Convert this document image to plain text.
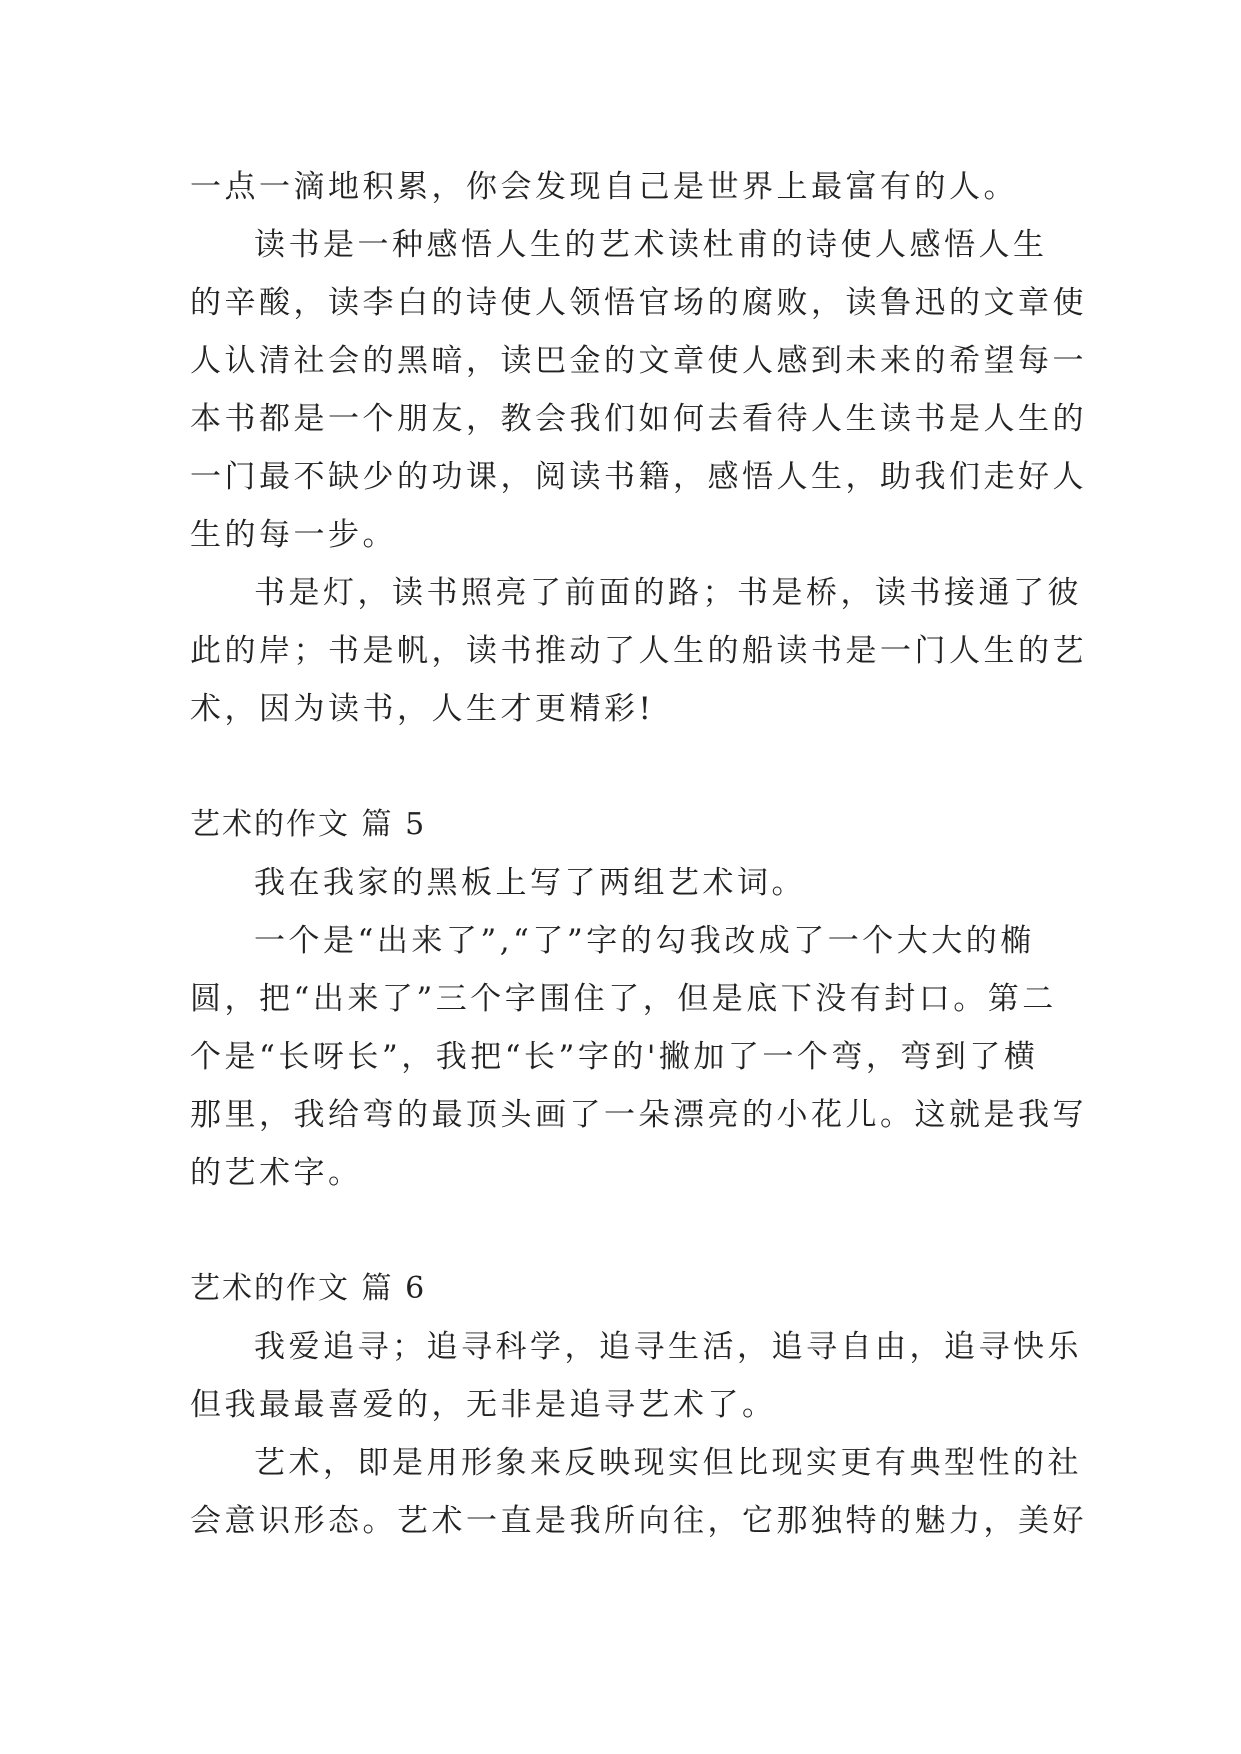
一点一滴地积累，你会发现自己是世界上最富有的人。
读书是一种感悟人生的艺术读杜甫的诗使人感悟人生
的辛酸，读李白的诗使人领悟官场的腐败，读鲁迅的文章使
人认清社会的黑暗，读巴金的文章使人感到未来的希望每一
本书都是一个朋友，教会我们如何去看待人生读书是人生的
一门最不缺少的功课，阅读书籍，感悟人生，助我们走好人
生的每一步。
书是灯，读书照亮了前面的路；书是桥，读书接通了彼
此的岸；书是帆，读书推动了人生的船读书是一门人生的艺
术，因为读书，人生才更精彩!
艺术的作文 篇 5
我在我家的黑板上写了两组艺术词。
一个是“出来了”,“了”字的勾我改成了一个大大的椭
圆，把“出来了”三个字围住了，但是底下没有封口。第二
个是“长呀长”，我把“长”字的'撇加了一个弯，弯到了横
那里，我给弯的最顶头画了一朵漂亮的小花儿。这就是我写
的艺术字。
艺术的作文 篇 6
我爱追寻；追寻科学，追寻生活，追寻自由，追寻快乐
但我最最喜爱的，无非是追寻艺术了。
艺术，即是用形象来反映现实但比现实更有典型性的社
会意识形态。艺术一直是我所向往，它那独特的魅力，美好
